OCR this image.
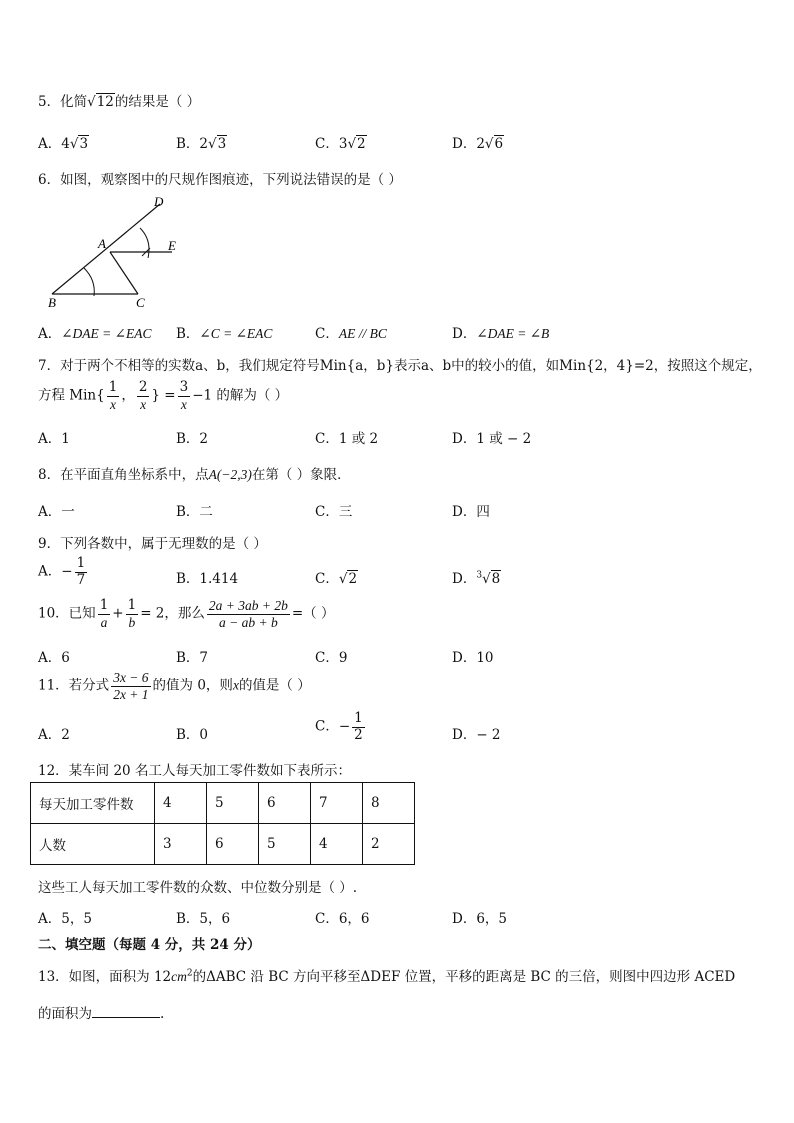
5．化简√12的结果是（ ）
A．4√3	B．2√3	C．3√2	D．2√6
6．如图，观察图中的尺规作图痕迹，下列说法错误的是（ ）
D
A	E
B	C
A．∠DAE = ∠EAC B．∠C = ∠EAC	C．AE // BC	D．∠DAE = ∠B
7．对于两个不相等的实数a、b，我们规定符号Min{a，b}表示a、b中的较小的值，如Min{2，4}=2，按照这个规定，
方程 $Min\{ \frac{1}{x}$ ， $\frac{2}{x}$ } = $\frac{3}{x} -1$ 的解为（ ）
A．1	B．2	C．1 或 2	D．1 或 − 2
8．在平面直角坐标系中，点A(−2,3)在第（ ）象限．
A．一	B．二	C．三	D．四
9．下列各数中，属于无理数的是（ ）
A．− $\frac{1}{7}$	B．1.414	C．√2	D．$^3$√8
10．已知 $\frac{1}{a} + \frac{1}{b} = 2$，那么 $\frac{2a + 3ab + 2b}{a - ab + b}$ =（ ）
A．6	B．7	C．9	D．10
11．若分式 $\frac{3x - 6}{2x + 1}$ 的值为 0，则x的值是（ ）
A．2	B．0
C．− $\frac{1}{2}$	D．− 2
12．某车间 20 名工人每天加工零件数如下表所示：
每天加工零件数	4	5	6	7	8
人数	3	6	5	4	2
这些工人每天加工零件数的众数、中位数分别是（ ）.
A．5，5	B．5，6	C．6，6	D．6，5
二、填空题（每题 4 分，共 24 分）
13．如图，面积为 $12cm^2$的ΔABC 沿 BC 方向平移至ΔDEF 位置，平移的距离是 BC 的三倍，则图中四边形 ACED
的面积为	.
